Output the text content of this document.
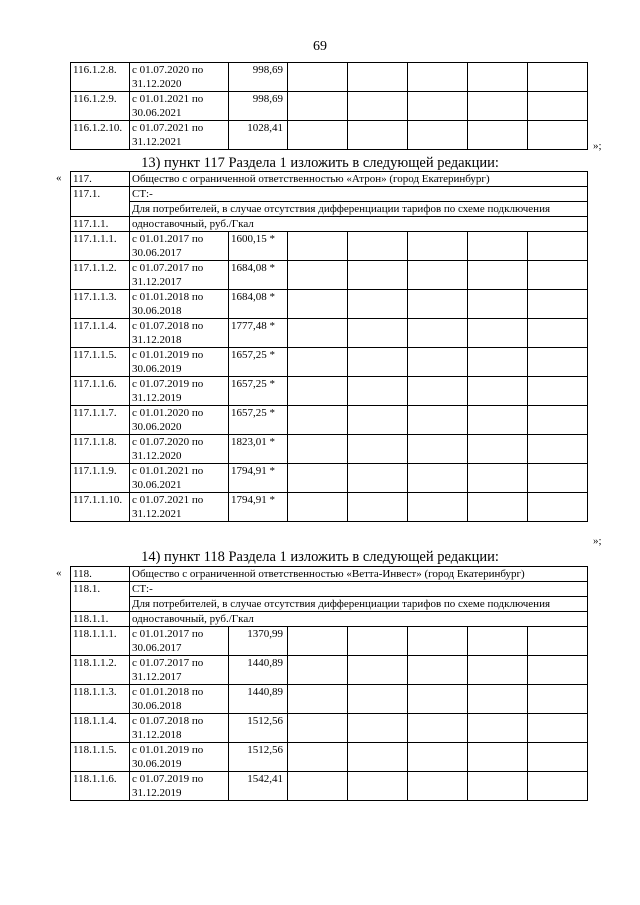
69
116.1.2.8.	с 01.07.2020 по
31.12.2020	998,69					
116.1.2.9.	с 01.01.2021 по
30.06.2021	998,69					
116.1.2.10.	с 01.07.2021 по
31.12.2021	1028,41					
»;
13) пункт 117 Раздела 1 изложить в следующей редакции:
« 117.	Общество с ограниченной ответственностью «Атрон» (город Екатеринбург)						
117.1.	СТ:-						
	Для потребителей, в случае отсутствия дифференциации тарифов по схеме подключения						
117.1.1.	одноставочный, руб./Гкал						
117.1.1.1.	с 01.01.2017 по
30.06.2017	1600,15 *					
117.1.1.2.	с 01.07.2017 по
31.12.2017	1684,08 *					
117.1.1.3.	с 01.01.2018 по
30.06.2018	1684,08 *					
117.1.1.4.	с 01.07.2018 по
31.12.2018	1777,48 *					
117.1.1.5.	с 01.01.2019 по
30.06.2019	1657,25 *					
117.1.1.6.	с 01.07.2019 по
31.12.2019	1657,25 *					
117.1.1.7.	с 01.01.2020 по
30.06.2020	1657,25 *					
117.1.1.8.	с 01.07.2020 по
31.12.2020	1823,01 *					
117.1.1.9.	с 01.01.2021 по
30.06.2021	1794,91 *					
117.1.1.10.	с 01.07.2021 по
31.12.2021	1794,91 *					
»;
14) пункт 118 Раздела 1 изложить в следующей редакции:
« 118.	Общество с ограниченной ответственностью «Ветта-Инвест» (город Екатеринбург)						
118.1.	СТ:-						
	Для потребителей, в случае отсутствия дифференциации тарифов по схеме подключения						
118.1.1.	одноставочный, руб./Гкал						
118.1.1.1.	с 01.01.2017 по
30.06.2017	1370,99					
118.1.1.2.	с 01.07.2017 по
31.12.2017	1440,89					
118.1.1.3.	с 01.01.2018 по
30.06.2018	1440,89					
118.1.1.4.	с 01.07.2018 по
31.12.2018	1512,56					
118.1.1.5.	с 01.01.2019 по
30.06.2019	1512,56					
118.1.1.6.	с 01.07.2019 по
31.12.2019	1542,41					
